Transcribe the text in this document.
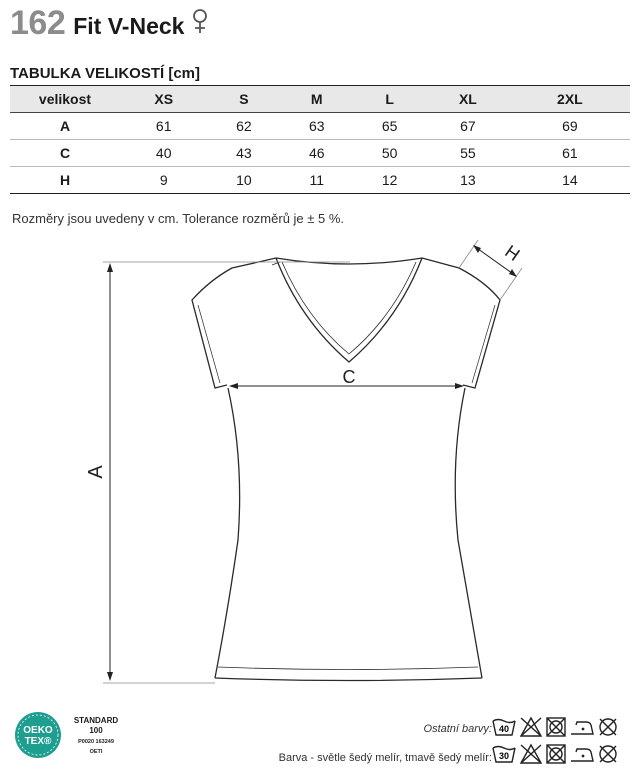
162 Fit V-Neck
TABULKA VELIKOSTÍ [cm]
velikost	XS	S	M	L	XL	2XL
A	61	62	63	65	67	69
C	40	43	46	50	55	61
H	9	10	11	12	13	14
Rozměry jsou uvedeny v cm. Tolerance rozměrů je ± 5 %.
A
C
H
OEKO
TEX®
STANDARD
100
P0020 163249
OETI
Ostatní barvy:
Barva - světle šedý melír, tmavě šedý melír:
40
30
